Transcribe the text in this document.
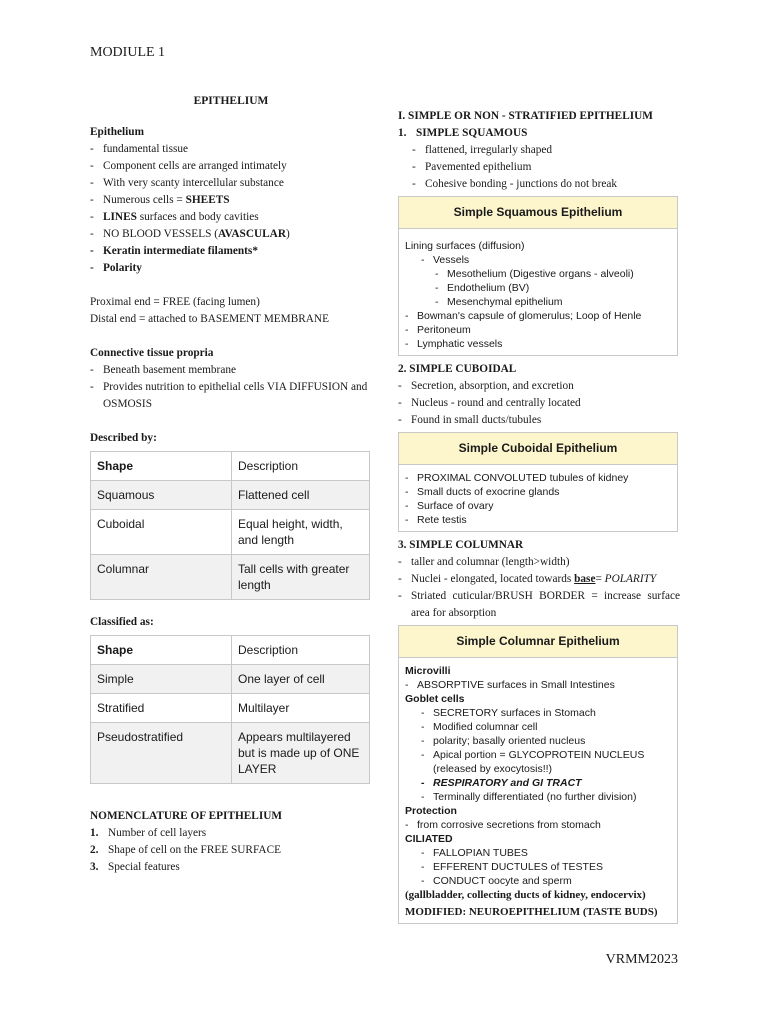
MODIULE 1
EPITHELIUM
Epithelium
- fundamental tissue
- Component cells are arranged intimately
- With very scanty intercellular substance
- Numerous cells = SHEETS
- LINES surfaces and body cavities
- NO BLOOD VESSELS (AVASCULAR)
- Keratin intermediate filaments*
- Polarity
Proximal end = FREE (facing lumen)
Distal end = attached to BASEMENT MEMBRANE
Connective tissue propria
- Beneath basement membrane
- Provides nutrition to epithelial cells VIA DIFFUSION and OSMOSIS
Described by:
Shape	Description
Squamous	Flattened cell
Cuboidal	Equal height, width, and length
Columnar	Tall cells with greater length
Classified as:
Shape	Description
Simple	One layer of cell
Stratified	Multilayer
Pseudostratified	Appears multilayered but is made up of ONE LAYER
NOMENCLATURE OF EPITHELIUM
1. Number of cell layers
2. Shape of cell on the FREE SURFACE
3. Special features
I. SIMPLE OR NON - STRATIFIED EPITHELIUM
1. SIMPLE SQUAMOUS
- flattened, irregularly shaped
- Pavemented epithelium
- Cohesive bonding - junctions do not break
Simple Squamous Epithelium
Lining surfaces (diffusion)
- Vessels
- Mesothelium (Digestive organs - alveoli)
- Endothelium (BV)
- Mesenchymal epithelium
- Bowman's capsule of glomerulus; Loop of Henle
- Peritoneum
- Lymphatic vessels
2. SIMPLE CUBOIDAL
- Secretion, absorption, and excretion
- Nucleus - round and centrally located
- Found in small ducts/tubules
Simple Cuboidal Epithelium
- PROXIMAL CONVOLUTED tubules of kidney
- Small ducts of exocrine glands
- Surface of ovary
- Rete testis
3. SIMPLE COLUMNAR
- taller and columnar (length>width)
- Nuclei - elongated, located towards base= POLARITY
- Striated cuticular/BRUSH BORDER = increase surface area for absorption
Simple Columnar Epithelium
Microvilli
- ABSORPTIVE surfaces in Small Intestines
Goblet cells
- SECRETORY surfaces in Stomach
- Modified columnar cell
- polarity; basally oriented nucleus
- Apical portion = GLYCOPROTEIN NUCLEUS (released by exocytosis!!)
- RESPIRATORY and GI TRACT
- Terminally differentiated (no further division)
Protection
- from corrosive secretions from stomach
CILIATED
- FALLOPIAN TUBES
- EFFERENT DUCTULES of TESTES
- CONDUCT oocyte and sperm
(gallbladder, collecting ducts of kidney, endocervix)
MODIFIED: NEUROEPITHELIUM (TASTE BUDS)
VRMM2023
